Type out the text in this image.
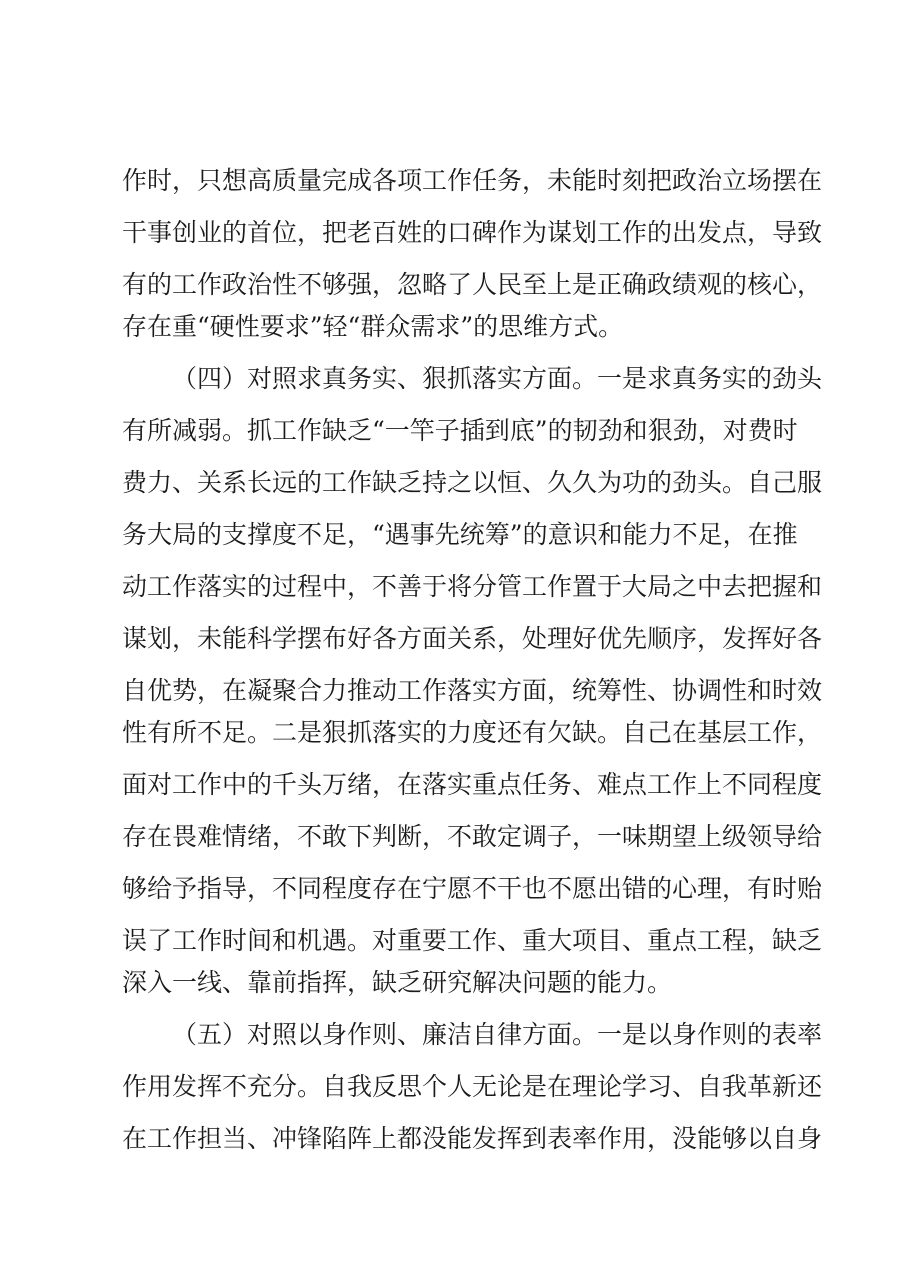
作时，只想高质量完成各项工作任务，未能时刻把政治立场摆在
干事创业的首位，把老百姓的口碑作为谋划工作的出发点，导致
有的工作政治性不够强，忽略了人民至上是正确政绩观的核心，
存在重“硬性要求”轻“群众需求”的思维方式。
（四）对照求真务实、狠抓落实方面。一是求真务实的劲头
有所减弱。抓工作缺乏“一竿子插到底”的韧劲和狠劲，对费时
费力、关系长远的工作缺乏持之以恒、久久为功的劲头。自己服
务大局的支撑度不足，“遇事先统筹”的意识和能力不足，在推
动工作落实的过程中，不善于将分管工作置于大局之中去把握和
谋划，未能科学摆布好各方面关系，处理好优先顺序，发挥好各
自优势，在凝聚合力推动工作落实方面，统筹性、协调性和时效
性有所不足。二是狠抓落实的力度还有欠缺。自己在基层工作，
面对工作中的千头万绪，在落实重点任务、难点工作上不同程度
存在畏难情绪，不敢下判断，不敢定调子，一味期望上级领导给
够给予指导，不同程度存在宁愿不干也不愿出错的心理，有时贻
误了工作时间和机遇。对重要工作、重大项目、重点工程，缺乏
深入一线、靠前指挥，缺乏研究解决问题的能力。
（五）对照以身作则、廉洁自律方面。一是以身作则的表率
作用发挥不充分。自我反思个人无论是在理论学习、自我革新还
在工作担当、冲锋陷阵上都没能发挥到表率作用，没能够以自身
